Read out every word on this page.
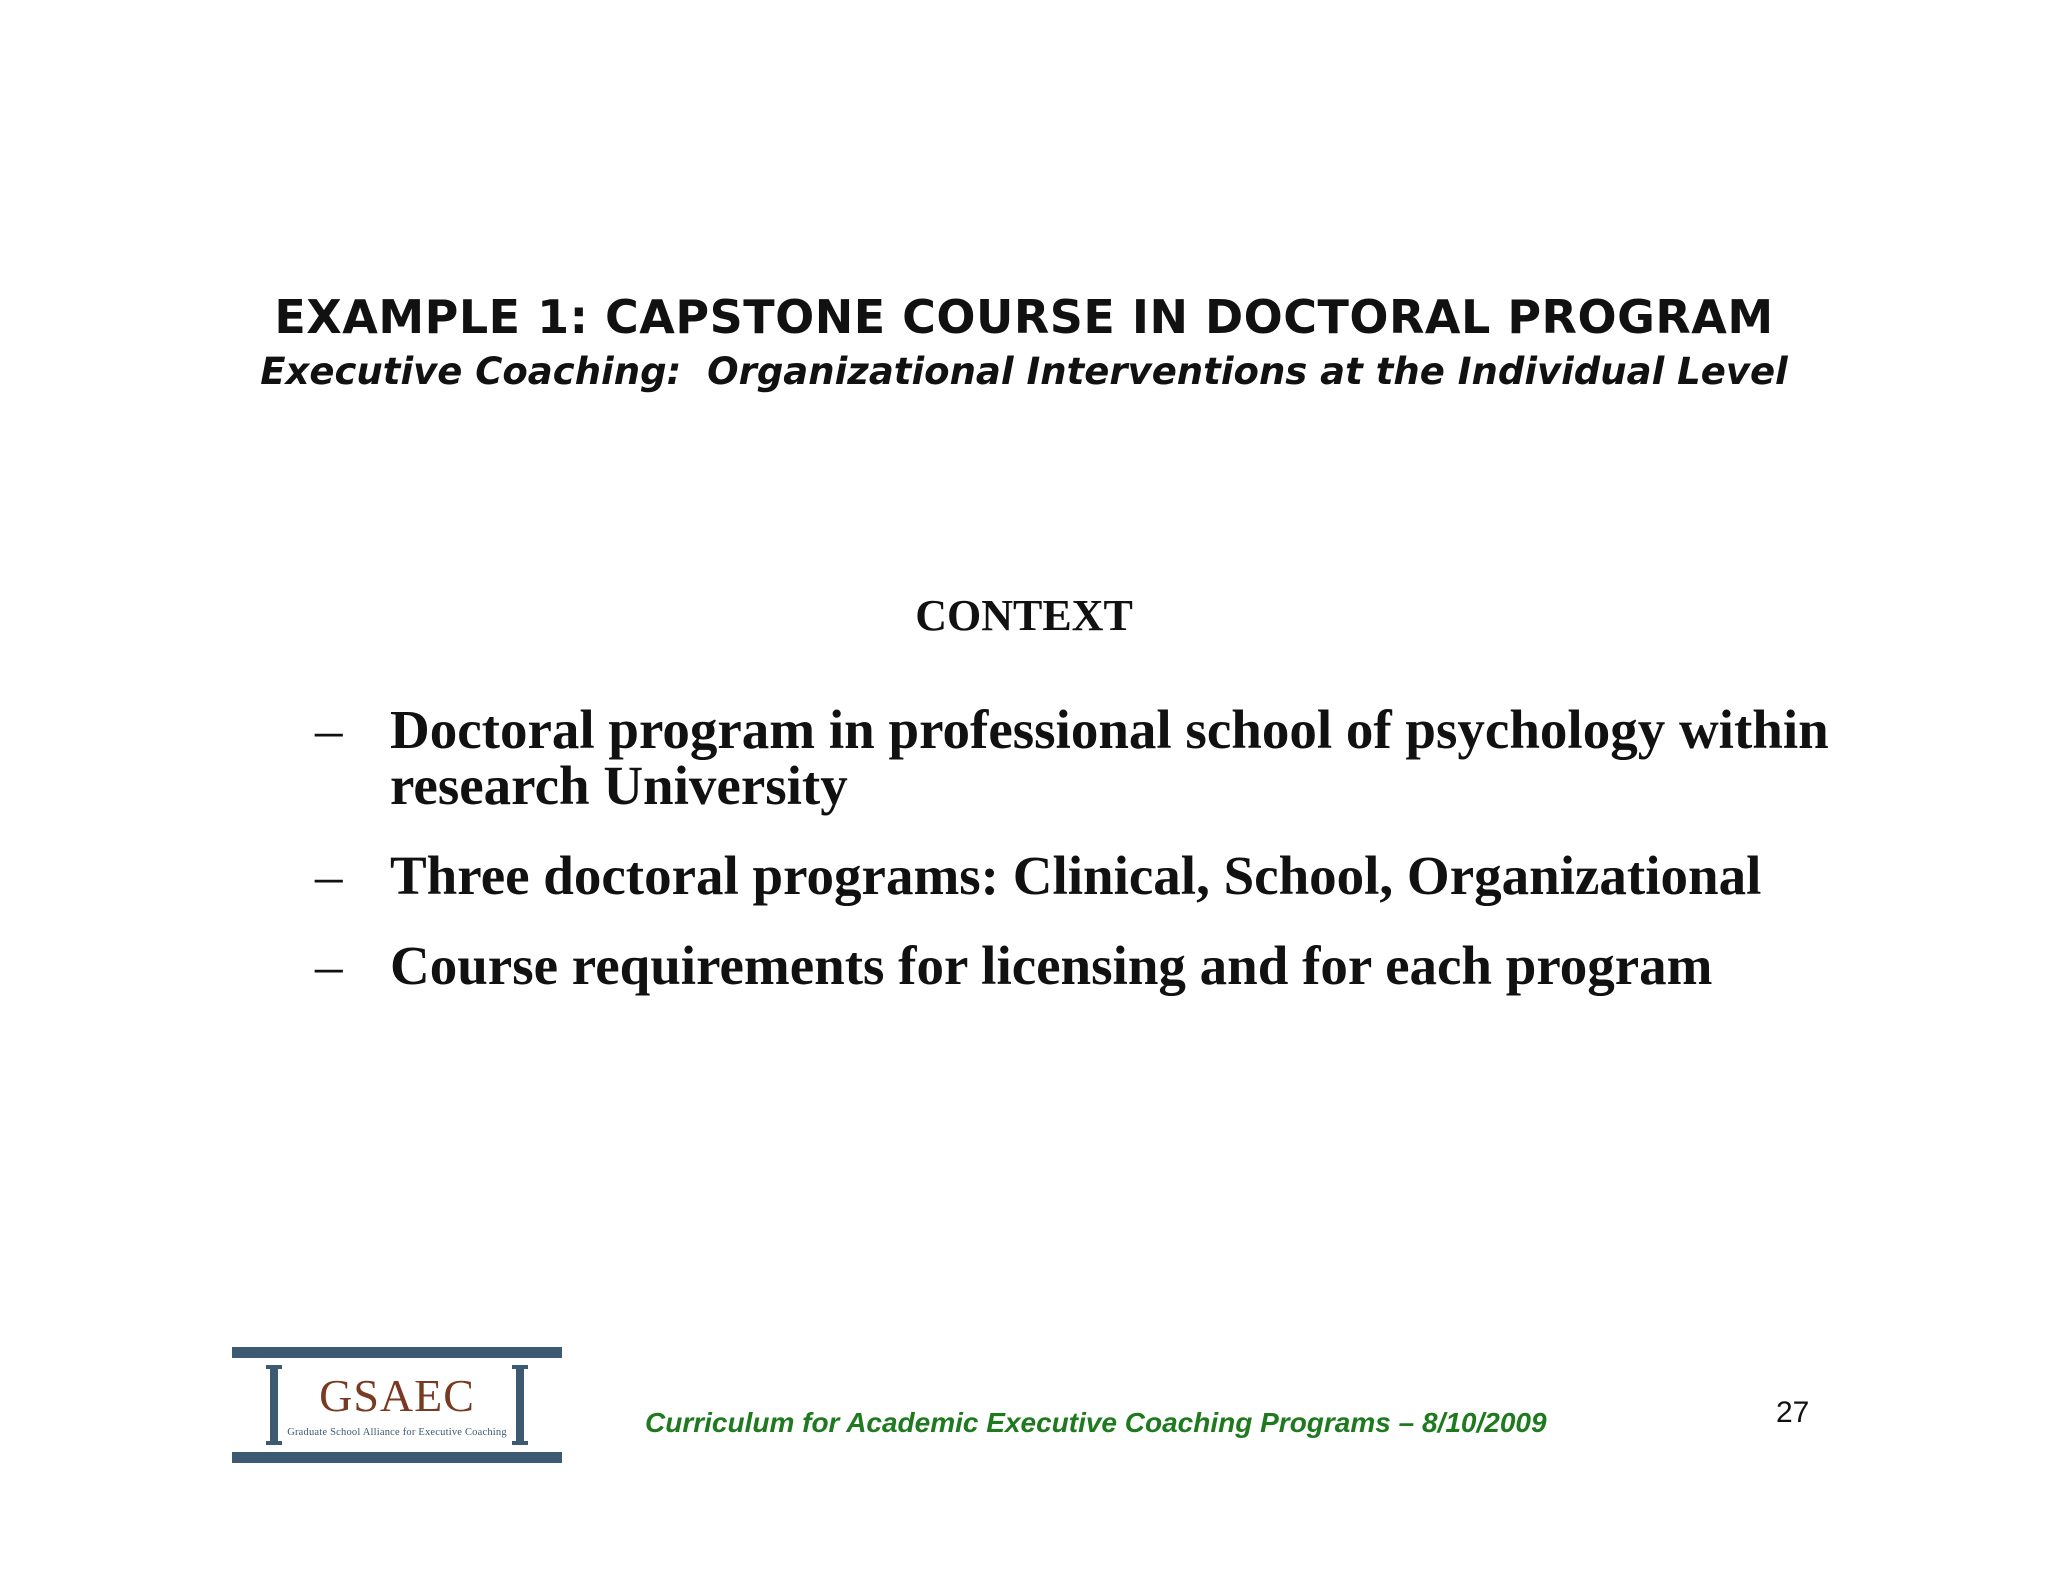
EXAMPLE 1: CAPSTONE COURSE IN DOCTORAL PROGRAM
Executive Coaching:  Organizational Interventions at the Individual Level
CONTEXT
– Doctoral program in professional school of psychology within research University
– Three doctoral programs: Clinical, School, Organizational
– Course requirements for licensing and for each program
GSAEC
Graduate School Alliance for Executive Coaching	Curriculum for Academic Executive Coaching Programs – 8/10/2009	27
